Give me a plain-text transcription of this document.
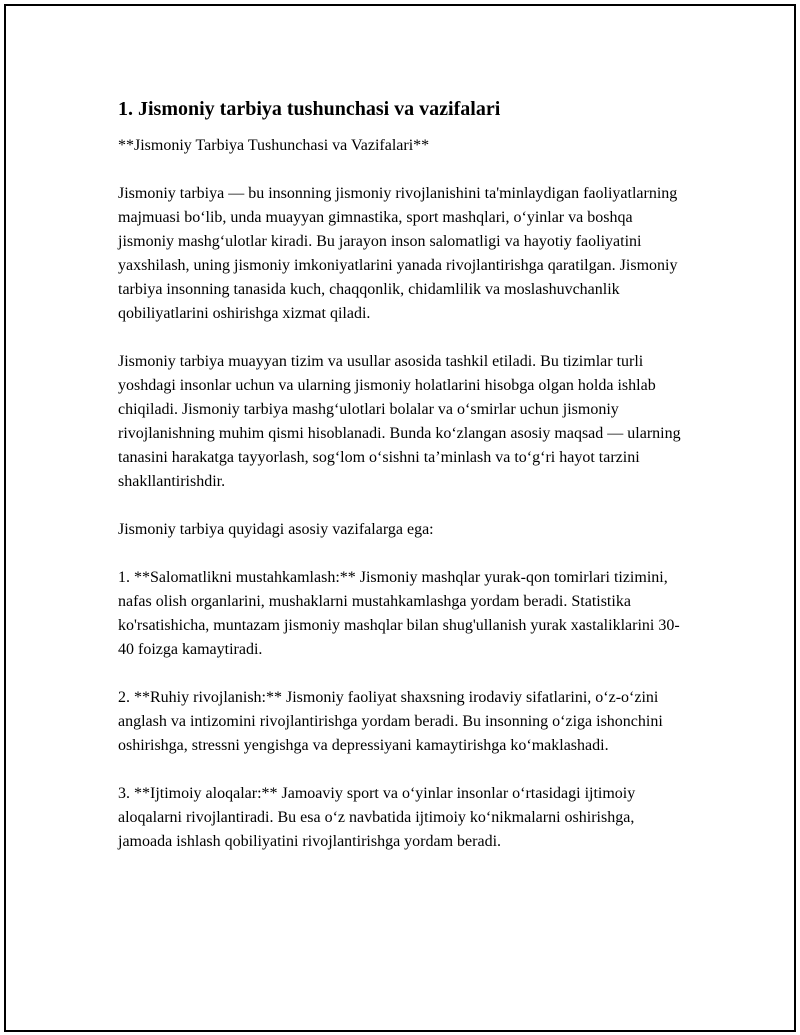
1. Jismoniy tarbiya tushunchasi va vazifalari

**Jismoniy Tarbiya Tushunchasi va Vazifalari**

Jismoniy tarbiya — bu insonning jismoniy rivojlanishini ta'minlaydigan faoliyatlarning majmuasi bo‘lib, unda muayyan gimnastika, sport mashqlari, o‘yinlar va boshqa jismoniy mashg‘ulotlar kiradi. Bu jarayon inson salomatligi va hayotiy faoliyatini yaxshilash, uning jismoniy imkoniyatlarini yanada rivojlantirishga qaratilgan. Jismoniy tarbiya insonning tanasida kuch, chaqqonlik, chidamlilik va moslashuvchanlik qobiliyatlarini oshirishga xizmat qiladi.

Jismoniy tarbiya muayyan tizim va usullar asosida tashkil etiladi. Bu tizimlar turli yoshdagi insonlar uchun va ularning jismoniy holatlarini hisobga olgan holda ishlab chiqiladi. Jismoniy tarbiya mashg‘ulotlari bolalar va o‘smirlar uchun jismoniy rivojlanishning muhim qismi hisoblanadi. Bunda ko‘zlangan asosiy maqsad — ularning tanasini harakatga tayyorlash, sog‘lom o‘sishni ta’minlash va to‘g‘ri hayot tarzini shakllantirishdir.

Jismoniy tarbiya quyidagi asosiy vazifalarga ega:

1. **Salomatlikni mustahkamlash:** Jismoniy mashqlar yurak-qon tomirlari tizimini, nafas olish organlarini, mushaklarni mustahkamlashga yordam beradi. Statistika ko'rsatishicha, muntazam jismoniy mashqlar bilan shug'ullanish yurak xastaliklarini 30-40 foizga kamaytiradi.

2. **Ruhiy rivojlanish:** Jismoniy faoliyat shaxsning irodaviy sifatlarini, o‘z-o‘zini anglash va intizomini rivojlantirishga yordam beradi. Bu insonning o‘ziga ishonchini oshirishga, stressni yengishga va depressiyani kamaytirishga ko‘maklashadi.

3. **Ijtimoiy aloqalar:** Jamoaviy sport va o‘yinlar insonlar o‘rtasidagi ijtimoiy aloqalarni rivojlantiradi. Bu esa o‘z navbatida ijtimoiy ko‘nikmalarni oshirishga, jamoada ishlash qobiliyatini rivojlantirishga yordam beradi.
